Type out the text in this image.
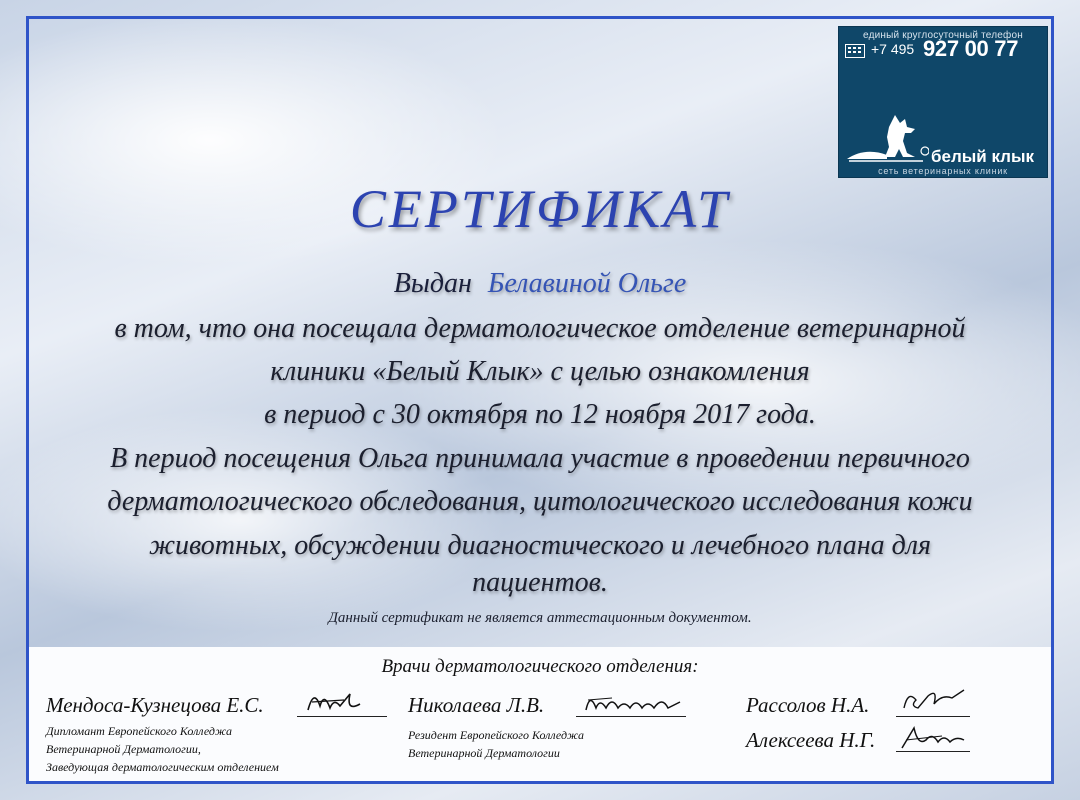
единый круглосуточный телефон
+7 495 927 00 77
белый клык
сеть ветеринарных клиник
СЕРТИФИКАТ
Выдан Белавиной Ольге
в том, что она посещала дерматологическое отделение ветеринарной
клиники «Белый Клык» с целью ознакомления
в период с 30 октября по 12 ноября 2017 года.
В период посещения Ольга принимала участие в проведении первичного
дерматологического обследования, цитологического исследования кожи
животных, обсуждении диагностического и лечебного плана для
пациентов.
Данный сертификат не является аттестационным документом.
Врачи дерматологического отделения:
Мендоса-Кузнецова Е.С.
Дипломант Европейского Колледжа
Ветеринарной Дерматологии,
Заведующая дерматологическим отделением
Николаева Л.В.
Резидент Европейского Колледжа
Ветеринарной Дерматологии
Рассолов Н.А.
Алексеева Н.Г.
